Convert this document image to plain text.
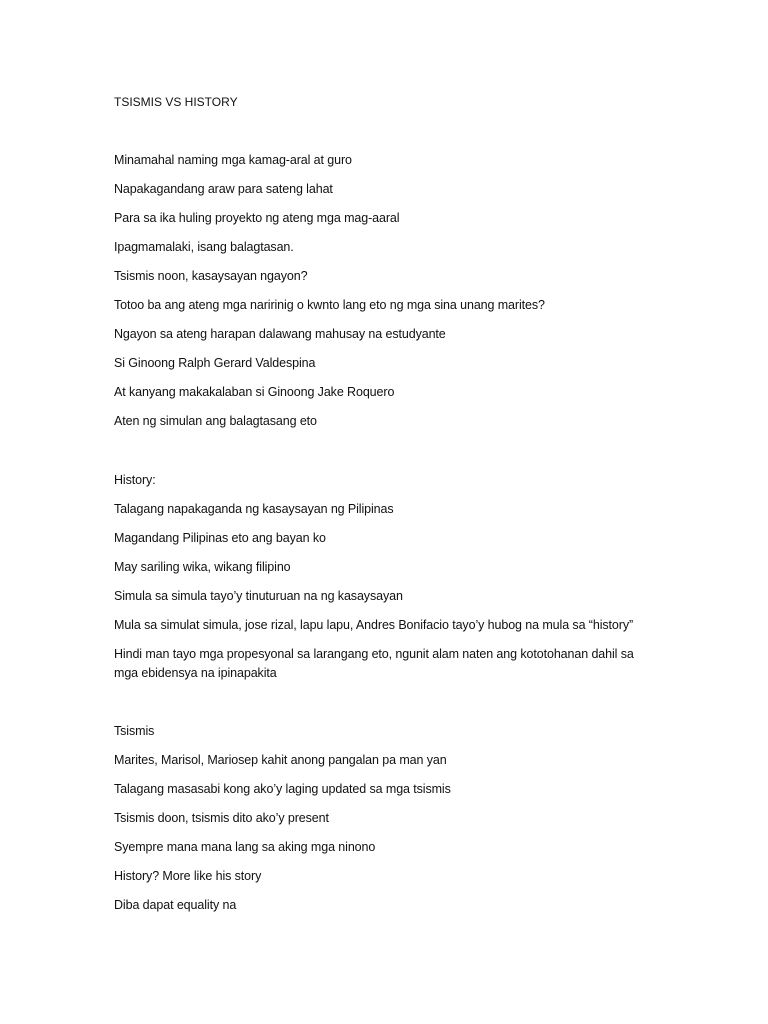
TSISMIS VS HISTORY
Minamahal naming mga kamag-aral at guro
Napakagandang araw para sateng lahat
Para sa ika huling proyekto ng ateng mga mag-aaral
Ipagmamalaki, isang balagtasan.
Tsismis noon, kasaysayan ngayon?
Totoo ba ang ateng mga naririnig o kwnto lang eto ng mga sina unang marites?
Ngayon sa ateng harapan dalawang mahusay na estudyante
Si Ginoong Ralph Gerard Valdespina
At kanyang makakalaban si Ginoong Jake Roquero
Aten ng simulan ang balagtasang eto
History:
Talagang napakaganda ng kasaysayan ng Pilipinas
Magandang Pilipinas eto ang bayan ko
May sariling wika, wikang filipino
Simula sa simula tayo’y tinuturuan na ng kasaysayan
Mula sa simulat simula, jose rizal, lapu lapu, Andres Bonifacio tayo’y hubog na mula sa “history”
Hindi man tayo mga propesyonal sa larangang eto, ngunit alam naten ang kototohanan dahil sa
mga ebidensya na ipinapakita
Tsismis
Marites, Marisol, Mariosep kahit anong pangalan pa man yan
Talagang masasabi kong ako’y laging updated sa mga tsismis
Tsismis doon, tsismis dito ako’y present
Syempre mana mana lang sa aking mga ninono
History? More like his story
Diba dapat equality na
